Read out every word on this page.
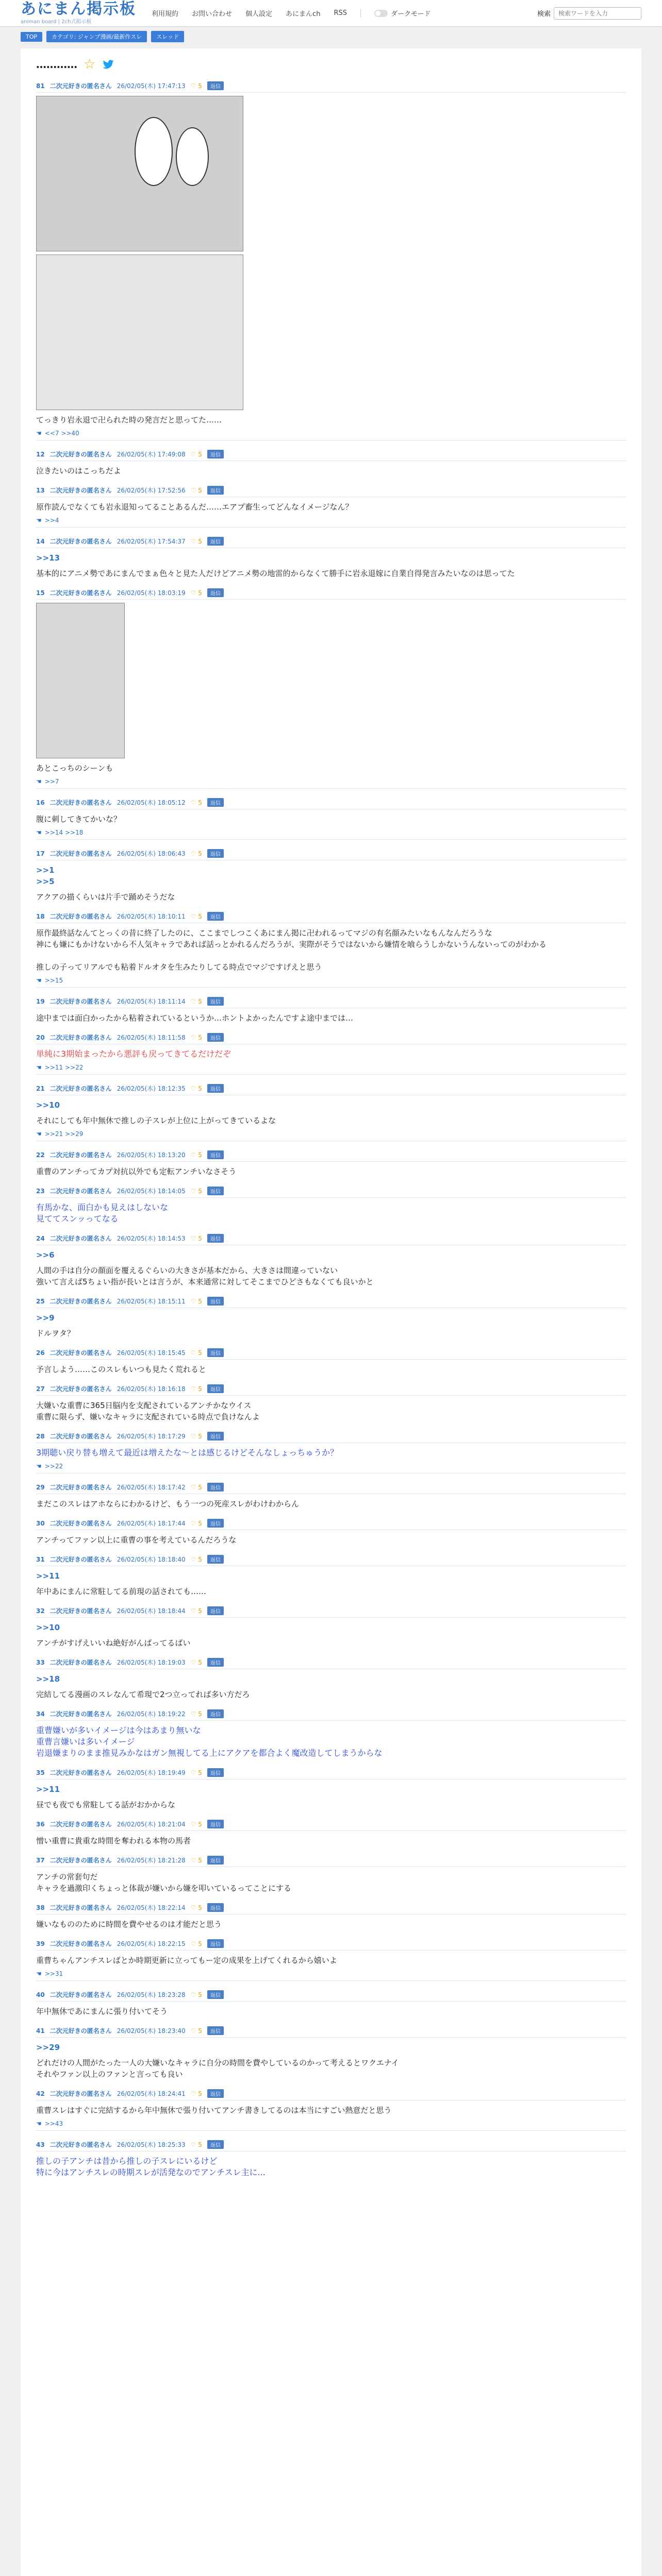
あにまん掲示板
animan board | 2ch式掲示板
利用規約 お問い合わせ 個人設定 あにまんch RSS	ダークモード	検索
検索ワードを入力
TOP	カテゴリ: ジャンプ漫画/最新作スレ	スレッド
………… ☆
81 二次元好きの匿名さん 26/02/05(木) 17:47:13 ♡ 5	返信
てっきり岩永退で卍られた時の発言だと思ってた……
☚ <<7 >>40
12 二次元好きの匿名さん 26/02/05(木) 17:49:08 ♡ 5	返信
泣きたいのはこっちだよ
13 二次元好きの匿名さん 26/02/05(木) 17:52:56 ♡ 5	返信
原作読んでなくても岩永退知ってることあるんだ……エアプ畜生ってどんなイメージなん？
☚ >>4
14 二次元好きの匿名さん 26/02/05(木) 17:54:37 ♡ 5	返信
>>13
基本的にアニメ勢であにまんでまぁ色々と見た人だけどアニメ勢の地雷的からなくて勝手に岩永退嫁に自業自得発言みたいなのは思ってた
15 二次元好きの匿名さん 26/02/05(木) 18:03:19 ♡ 5	返信
あとこっちのシーンも
☚ >>7
16 二次元好きの匿名さん 26/02/05(木) 18:05:12 ♡ 5	返信
腹に刺してきてかいな？
☚ >>14 >>18
17 二次元好きの匿名さん 26/02/05(木) 18:06:43 ♡ 5	返信
>>1
>>5
アクアの描くらいは片手で踊めそうだな
18 二次元好きの匿名さん 26/02/05(木) 18:10:11 ♡ 5	返信
原作最終話なんてとっくの昔に終了したのに、ここまでしつこくあにまん掲に卍われるってマジの有名顔みたいなもんなんだろうな
神にも嫌にもかけないから不人気キャラであれば話っとかれるんだろうが、実際がそうではないから嫌情を喰らうしかないうんないってのがわかる

推しの子ってリアルでも粘着ドルオタを生みたりしてる時点でマジですげえと思う
☚ >>15
19 二次元好きの匿名さん 26/02/05(木) 18:11:14 ♡ 5	返信
途中までは面白かったから粘着されているというか…ホントよかったんですよ途中までは…
20 二次元好きの匿名さん 26/02/05(木) 18:11:58 ♡ 5	返信
単純に3期始まったから悪評も戻ってきてるだけだぞ
☚ >>11 >>22
21 二次元好きの匿名さん 26/02/05(木) 18:12:35 ♡ 5	返信
>>10
それにしても年中無休で推しの子スレが上位に上がってきているよな
☚ >>21 >>29
22 二次元好きの匿名さん 26/02/05(木) 18:13:20 ♡ 5	返信
重曹のアンチってカプ対抗以外でも定転アンチいなさそう
23 二次元好きの匿名さん 26/02/05(木) 18:14:05 ♡ 5	返信
有馬かな、面白かも見えはしないな
見ててスンッってなる
24 二次元好きの匿名さん 26/02/05(木) 18:14:53 ♡ 5	返信
>>6
人間の手は自分の顔面を覆えるぐらいの大きさが基本だから、大きさは間違っていない
強いて言えば5ちょい指が長いとは言うが、本来通常に対してそこまでひどさもなくても良いかと
25 二次元好きの匿名さん 26/02/05(木) 18:15:11 ♡ 5	返信
>>9
ドルヲタ？
26 二次元好きの匿名さん 26/02/05(木) 18:15:45 ♡ 5	返信
予言しよう……このスレもいつも見たく荒れると
27 二次元好きの匿名さん 26/02/05(木) 18:16:18 ♡ 5	返信
大嫌いな重曹に365日脳内を支配されているアンチかなウイス
重曹に限らず、嫌いなキャラに支配されている時点で負けなんよ
28 二次元好きの匿名さん 26/02/05(木) 18:17:29 ♡ 5	返信
3期聴い戻り替も増えて最近は増えたな〜とは感じるけどそんなしょっちゅうか？
☚ >>22
29 二次元好きの匿名さん 26/02/05(木) 18:17:42 ♡ 5	返信
まだこのスレはアホならにわかるけど、もう一つの死産スレがわけわからん
30 二次元好きの匿名さん 26/02/05(木) 18:17:44 ♡ 5	返信
アンチってファン以上に重曹の事を考えているんだろうな
31 二次元好きの匿名さん 26/02/05(木) 18:18:40 ♡ 5	返信
>>11
年中あにまんに常駐してる前現の話されても……
32 二次元好きの匿名さん 26/02/05(木) 18:18:44 ♡ 5	返信
>>10
アンチがすげえいいね絶好がんばってるばい
33 二次元好きの匿名さん 26/02/05(木) 18:19:03 ♡ 5	返信
>>18
完結してる漫画のスレなんて希現で2つ立ってれば多い方だろ
34 二次元好きの匿名さん 26/02/05(木) 18:19:22 ♡ 5	返信
重曹嫌いが多いイメージは今はあまり無いな
重曹言嫌いは多いイメージ
岩退嫌まりのまま推見みかなはガン無視してる上にアクアを都合よく魔改造してしまうからな
35 二次元好きの匿名さん 26/02/05(木) 18:19:49 ♡ 5	返信
>>11
昼でも夜でも常駐してる話がおかからな
36 二次元好きの匿名さん 26/02/05(木) 18:21:04 ♡ 5	返信
憎い重曹に貴重な時間を奪われる本物の馬者
37 二次元好きの匿名さん 26/02/05(木) 18:21:28 ♡ 5	返信
アンチの常套句だ
キャラを過激印くちょっと体裁が嫌いから嫌を叩いているってことにする
38 二次元好きの匿名さん 26/02/05(木) 18:22:14 ♡ 5	返信
嫌いなもののために時間を費やせるのは才能だと思う
39 二次元好きの匿名さん 26/02/05(木) 18:22:15 ♡ 5	返信
重曹ちゃんアンチスレばとか時期更新に立ってもー定の成果を上げてくれるから嬉いよ
☚ >>31
40 二次元好きの匿名さん 26/02/05(木) 18:23:28 ♡ 5	返信
年中無休であにまんに張り付いてそう
41 二次元好きの匿名さん 26/02/05(木) 18:23:40 ♡ 5	返信
>>29
どれだけの人間がたった一人の大嫌いなキャラに自分の時間を費やしているのかって考えるとワクエナイ
それやファン以上のファンと言っても良い
42 二次元好きの匿名さん 26/02/05(木) 18:24:41 ♡ 5	返信
重曹スレはすぐに完結するから年中無休で張り付いてアンチ書きしてるのは本当にすごい熱意だと思う
☚ >>43
43 二次元好きの匿名さん 26/02/05(木) 18:25:33 ♡ 5	返信
推しの子アンチは昔から推しの子スレにいるけど
特に今はアンチスレの時期スレが活発なのでアンチスレ主に...
